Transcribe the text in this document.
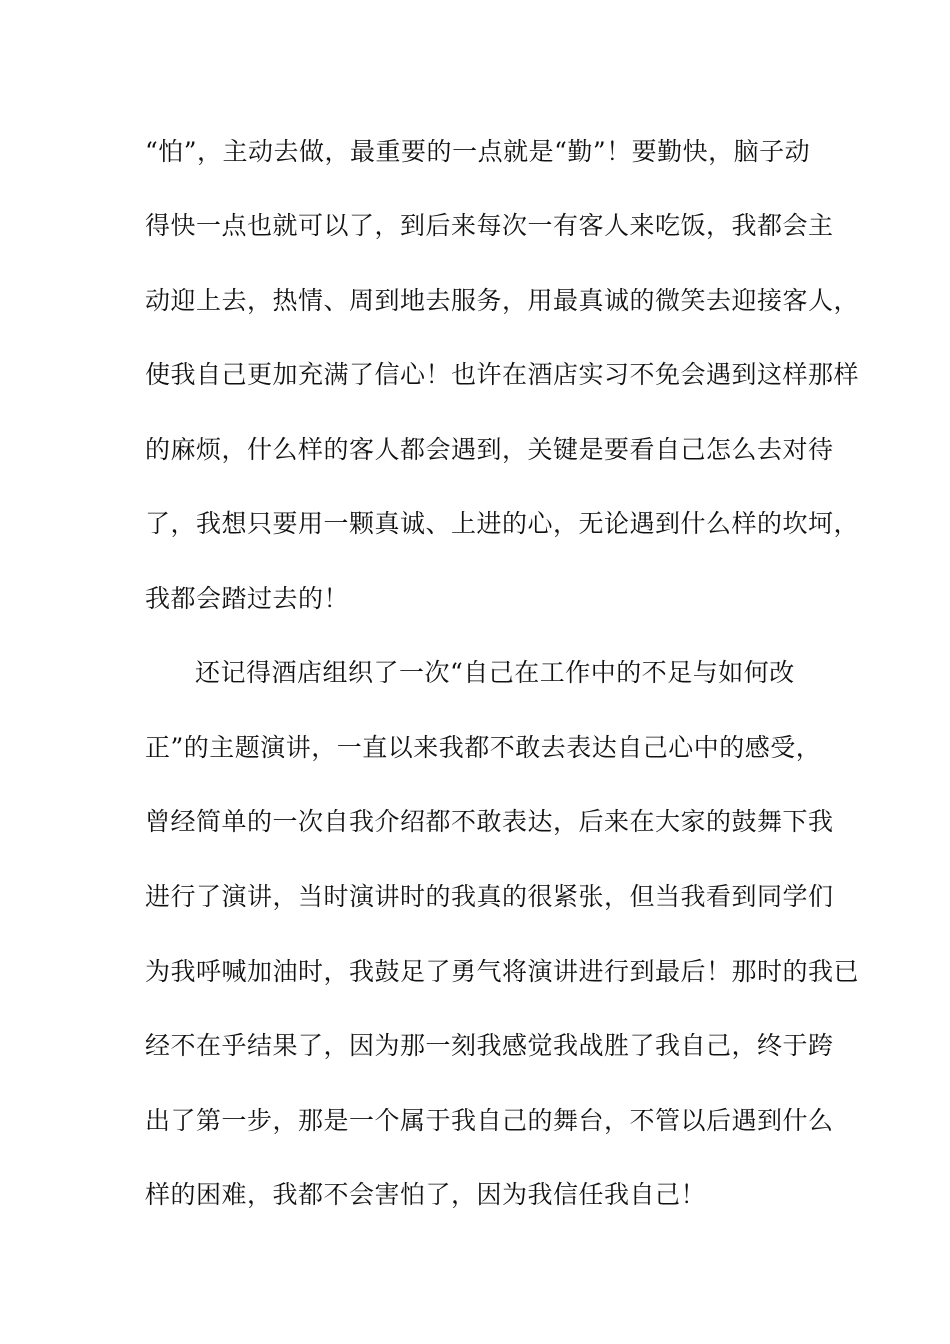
“怕”，主动去做，最重要的一点就是“勤”！要勤快，脑子动
得快一点也就可以了，到后来每次一有客人来吃饭，我都会主
动迎上去，热情、周到地去服务，用最真诚的微笑去迎接客人，
使我自己更加充满了信心！也许在酒店实习不免会遇到这样那样
的麻烦，什么样的客人都会遇到，关键是要看自己怎么去对待
了，我想只要用一颗真诚、上进的心，无论遇到什么样的坎坷，
我都会踏过去的！
还记得酒店组织了一次“自己在工作中的不足与如何改
正”的主题演讲，一直以来我都不敢去表达自己心中的感受，
曾经简单的一次自我介绍都不敢表达，后来在大家的鼓舞下我
进行了演讲，当时演讲时的我真的很紧张，但当我看到同学们
为我呼喊加油时，我鼓足了勇气将演讲进行到最后！那时的我已
经不在乎结果了，因为那一刻我感觉我战胜了我自己，终于跨
出了第一步，那是一个属于我自己的舞台，不管以后遇到什么
样的困难，我都不会害怕了，因为我信任我自己！
